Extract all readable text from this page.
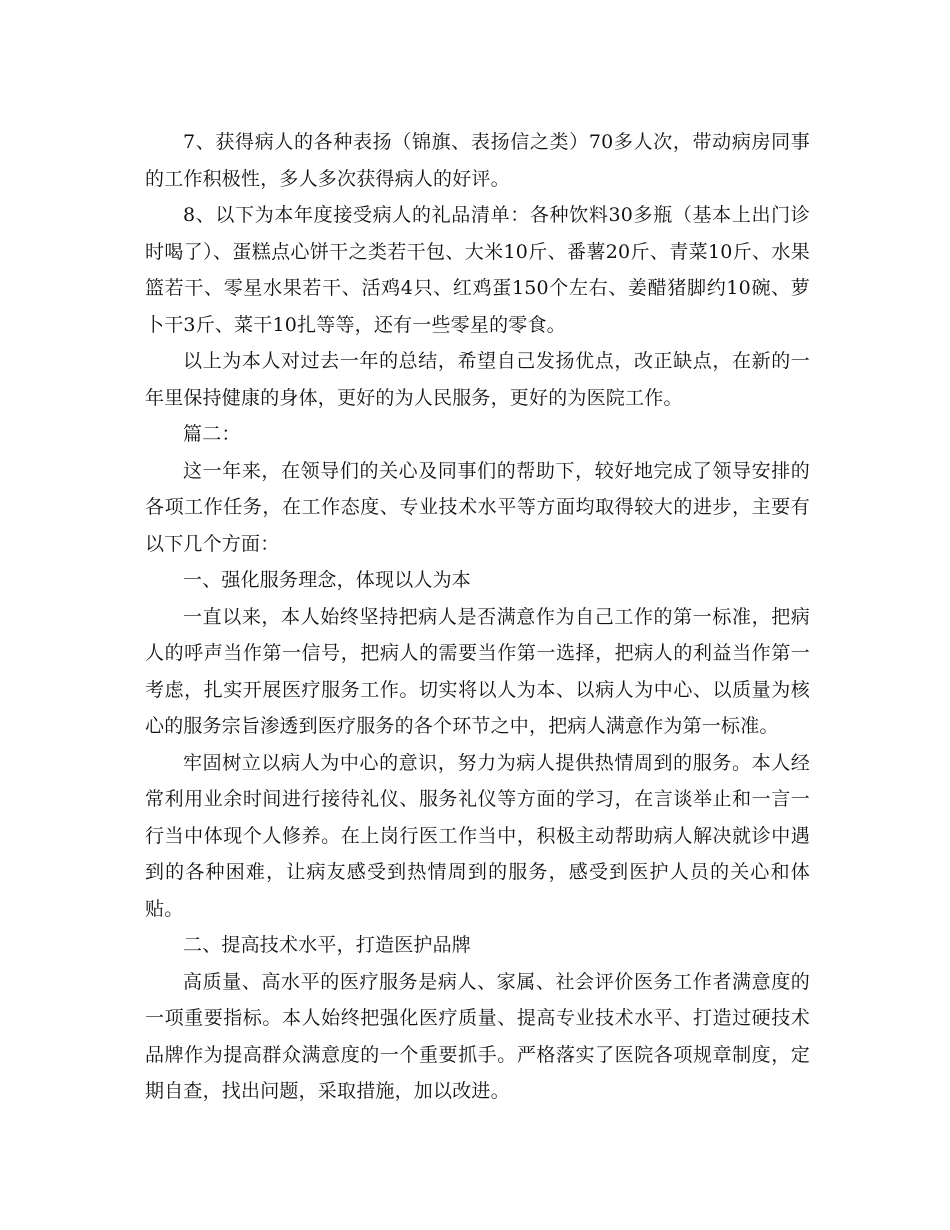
7、获得病人的各种表扬（锦旗、表扬信之类）70多人次，带动病房同事的工作积极性，多人多次获得病人的好评。

8、以下为本年度接受病人的礼品清单：各种饮料30多瓶（基本上出门诊时喝了）、蛋糕点心饼干之类若干包、大米10斤、番薯20斤、青菜10斤、水果篮若干、零星水果若干、活鸡4只、红鸡蛋150个左右、姜醋猪脚约10碗、萝卜干3斤、菜干10扎等等，还有一些零星的零食。

以上为本人对过去一年的总结，希望自己发扬优点，改正缺点，在新的一年里保持健康的身体，更好的为人民服务，更好的为医院工作。

篇二：

这一年来，在领导们的关心及同事们的帮助下，较好地完成了领导安排的各项工作任务，在工作态度、专业技术水平等方面均取得较大的进步，主要有以下几个方面：

一、强化服务理念，体现以人为本

一直以来，本人始终坚持把病人是否满意作为自己工作的第一标准，把病人的呼声当作第一信号，把病人的需要当作第一选择，把病人的利益当作第一考虑，扎实开展医疗服务工作。切实将以人为本、以病人为中心、以质量为核心的服务宗旨渗透到医疗服务的各个环节之中，把病人满意作为第一标准。

牢固树立以病人为中心的意识，努力为病人提供热情周到的服务。本人经常利用业余时间进行接待礼仪、服务礼仪等方面的学习，在言谈举止和一言一行当中体现个人修养。在上岗行医工作当中，积极主动帮助病人解决就诊中遇到的各种困难，让病友感受到热情周到的服务，感受到医护人员的关心和体贴。

二、提高技术水平，打造医护品牌

高质量、高水平的医疗服务是病人、家属、社会评价医务工作者满意度的一项重要指标。本人始终把强化医疗质量、提高专业技术水平、打造过硬技术品牌作为提高群众满意度的一个重要抓手。严格落实了医院各项规章制度，定期自查，找出问题，采取措施，加以改进。
